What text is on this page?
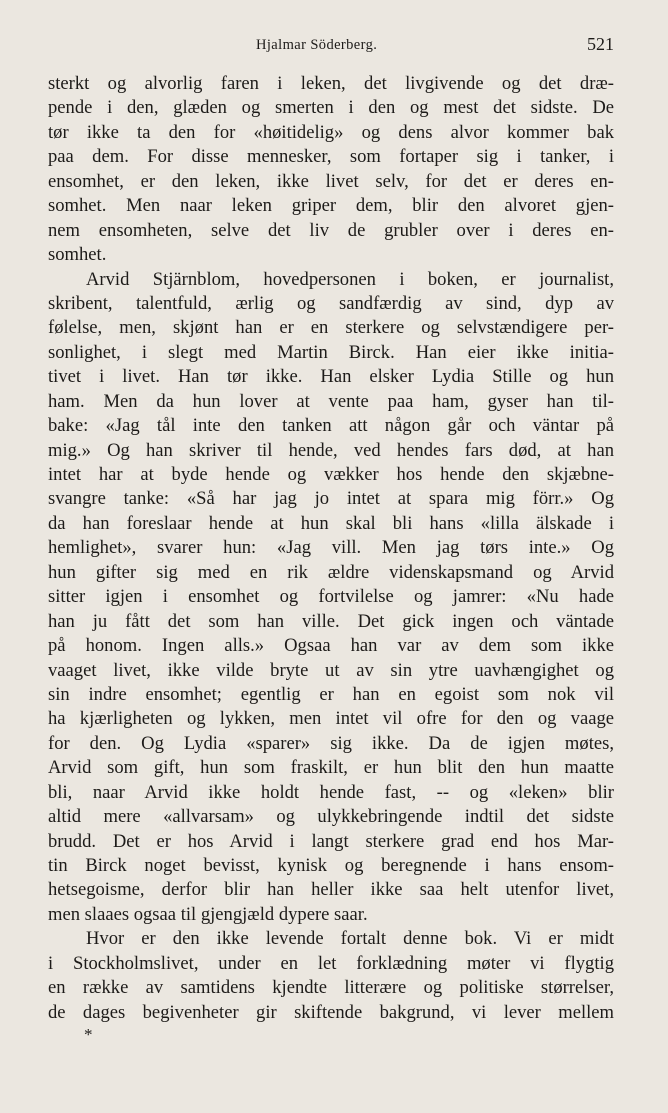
Hjalmar Söderberg.	521
sterkt og alvorlig faren i leken, det livgivende og det dræ-
pende i den, glæden og smerten i den og mest det sidste. De
tør ikke ta den for «høitidelig» og dens alvor kommer bak
paa dem. For disse mennesker, som fortaper sig i tanker, i
ensomhet, er den leken, ikke livet selv, for det er deres en-
somhet. Men naar leken griper dem, blir den alvoret gjen-
nem ensomheten, selve det liv de grubler over i deres en-
somhet.
Arvid Stjärnblom, hovedpersonen i boken, er journalist,
skribent, talentfuld, ærlig og sandfærdig av sind, dyp av
følelse, men, skjønt han er en sterkere og selvstændigere per-
sonlighet, i slegt med Martin Birck. Han eier ikke initia-
tivet i livet. Han tør ikke. Han elsker Lydia Stille og hun
ham. Men da hun lover at vente paa ham, gyser han til-
bake: «Jag tål inte den tanken att någon går och väntar på
mig.» Og han skriver til hende, ved hendes fars død, at han
intet har at byde hende og vækker hos hende den skjæbne-
svangre tanke: «Så har jag jo intet at spara mig förr.» Og
da han foreslaar hende at hun skal bli hans «lilla älskade i
hemlighet», svarer hun: «Jag vill. Men jag tørs inte.» Og
hun gifter sig med en rik ældre videnskapsmand og Arvid
sitter igjen i ensomhet og fortvilelse og jamrer: «Nu hade
han ju fått det som han ville. Det gick ingen och väntade
på honom. Ingen alls.» Ogsaa han var av dem som ikke
vaaget livet, ikke vilde bryte ut av sin ytre uavhængighet og
sin indre ensomhet; egentlig er han en egoist som nok vil
ha kjærligheten og lykken, men intet vil ofre for den og vaage
for den. Og Lydia «sparer» sig ikke. Da de igjen møtes,
Arvid som gift, hun som fraskilt, er hun blit den hun maatte
bli, naar Arvid ikke holdt hende fast, -- og «leken» blir
altid mere «allvarsam» og ulykkebringende indtil det sidste
brudd. Det er hos Arvid i langt sterkere grad end hos Mar-
tin Birck noget bevisst, kynisk og beregnende i hans ensom-
hetsegoisme, derfor blir han heller ikke saa helt utenfor livet,
men slaaes ogsaa til gjengjæld dypere saar.
Hvor er den ikke levende fortalt denne bok. Vi er midt
i Stockholmslivet, under en let forklædning møter vi flygtig
en række av samtidens kjendte litterære og politiske størrelser,
de dages begivenheter gir skiftende bakgrund, vi lever mellem
*
